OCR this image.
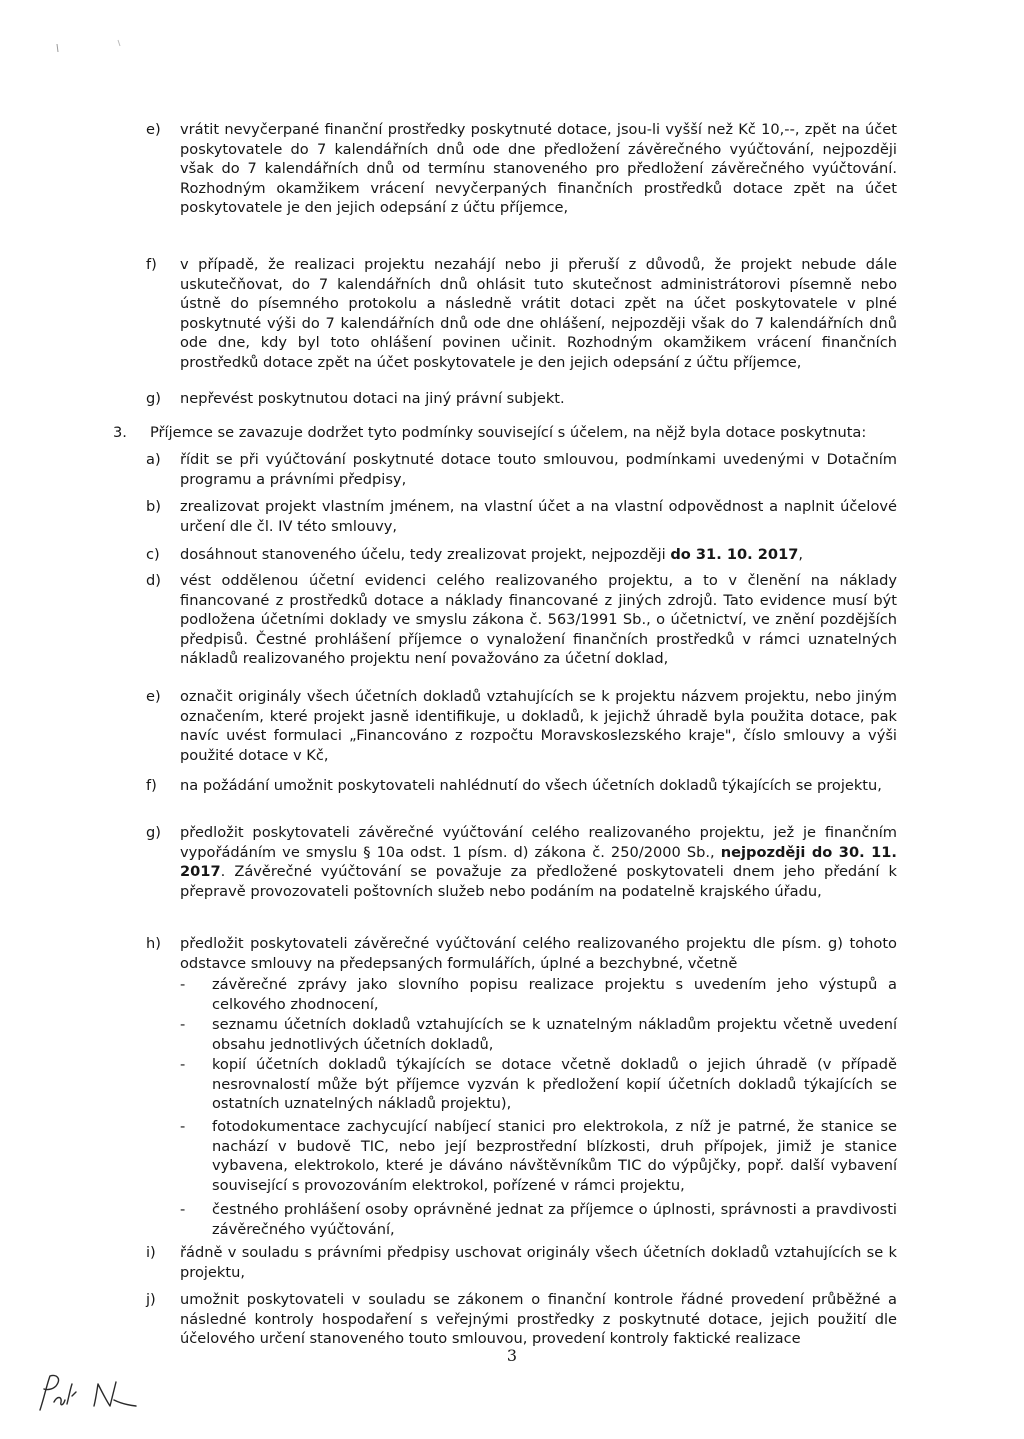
e) vrátit nevyčerpané finanční prostředky poskytnuté dotace, jsou-li vyšší než Kč 10,--, zpět na účet poskytovatele do 7 kalendářních dnů ode dne předložení závěrečného vyúčtování, nejpozději však do 7 kalendářních dnů od termínu stanoveného pro předložení závěrečného vyúčtování. Rozhodným okamžikem vrácení nevyčerpaných finančních prostředků dotace zpět na účet poskytovatele je den jejich odepsání z účtu příjemce,
f) v případě, že realizaci projektu nezahájí nebo ji přeruší z důvodů, že projekt nebude dále uskutečňovat, do 7 kalendářních dnů ohlásit tuto skutečnost administrátorovi písemně nebo ústně do písemného protokolu a následně vrátit dotaci zpět na účet poskytovatele v plné poskytnuté výši do 7 kalendářních dnů ode dne ohlášení, nejpozději však do 7 kalendářních dnů ode dne, kdy byl toto ohlášení povinen učinit. Rozhodným okamžikem vrácení finančních prostředků dotace zpět na účet poskytovatele je den jejich odepsání z účtu příjemce,
g) nepřevést poskytnutou dotaci na jiný právní subjekt.
3. Příjemce se zavazuje dodržet tyto podmínky související s účelem, na nějž byla dotace poskytnuta:
a) řídit se při vyúčtování poskytnuté dotace touto smlouvou, podmínkami uvedenými v Dotačním programu a právními předpisy,
b) zrealizovat projekt vlastním jménem, na vlastní účet a na vlastní odpovědnost a naplnit účelové určení dle čl. IV této smlouvy,
c) dosáhnout stanoveného účelu, tedy zrealizovat projekt, nejpozději do 31. 10. 2017,
d) vést oddělenou účetní evidenci celého realizovaného projektu, a to v členění na náklady financované z prostředků dotace a náklady financované z jiných zdrojů. Tato evidence musí být podložena účetními doklady ve smyslu zákona č. 563/1991 Sb., o účetnictví, ve znění pozdějších předpisů. Čestné prohlášení příjemce o vynaložení finančních prostředků v rámci uznatelných nákladů realizovaného projektu není považováno za účetní doklad,
e) označit originály všech účetních dokladů vztahujících se k projektu názvem projektu, nebo jiným označením, které projekt jasně identifikuje, u dokladů, k jejichž úhradě byla použita dotace, pak navíc uvést formulaci „Financováno z rozpočtu Moravskoslezského kraje", číslo smlouvy a výši použité dotace v Kč,
f) na požádání umožnit poskytovateli nahlédnutí do všech účetních dokladů týkajících se projektu,
g) předložit poskytovateli závěrečné vyúčtování celého realizovaného projektu, jež je finančním vypořádáním ve smyslu § 10a odst. 1 písm. d) zákona č. 250/2000 Sb., nejpozději do 30. 11. 2017. Závěrečné vyúčtování se považuje za předložené poskytovateli dnem jeho předání k přepravě provozovateli poštovních služeb nebo podáním na podatelně krajského úřadu,
h) předložit poskytovateli závěrečné vyúčtování celého realizovaného projektu dle písm. g) tohoto odstavce smlouvy na předepsaných formulářích, úplné a bezchybné, včetně
- závěrečné zprávy jako slovního popisu realizace projektu s uvedením jeho výstupů a celkového zhodnocení,
- seznamu účetních dokladů vztahujících se k uznatelným nákladům projektu včetně uvedení obsahu jednotlivých účetních dokladů,
- kopií účetních dokladů týkajících se dotace včetně dokladů o jejich úhradě (v případě nesrovnalostí může být příjemce vyzván k předložení kopií účetních dokladů týkajících se ostatních uznatelných nákladů projektu),
- fotodokumentace zachycující nabíjecí stanici pro elektrokola, z níž je patrné, že stanice se nachází v budově TIC, nebo její bezprostřední blízkosti, druh přípojek, jimiž je stanice vybavena, elektrokolo, které je dáváno návštěvníkům TIC do výpůjčky, popř. další vybavení související s provozováním elektrokol, pořízené v rámci projektu,
- čestného prohlášení osoby oprávněné jednat za příjemce o úplnosti, správnosti a pravdivosti závěrečného vyúčtování,
i) řádně v souladu s právními předpisy uschovat originály všech účetních dokladů vztahujících se k projektu,
j) umožnit poskytovateli v souladu se zákonem o finanční kontrole řádné provedení průběžné a následné kontroly hospodaření s veřejnými prostředky z poskytnuté dotace, jejich použití dle účelového určení stanoveného touto smlouvou, provedení kontroly faktické realizace
3
